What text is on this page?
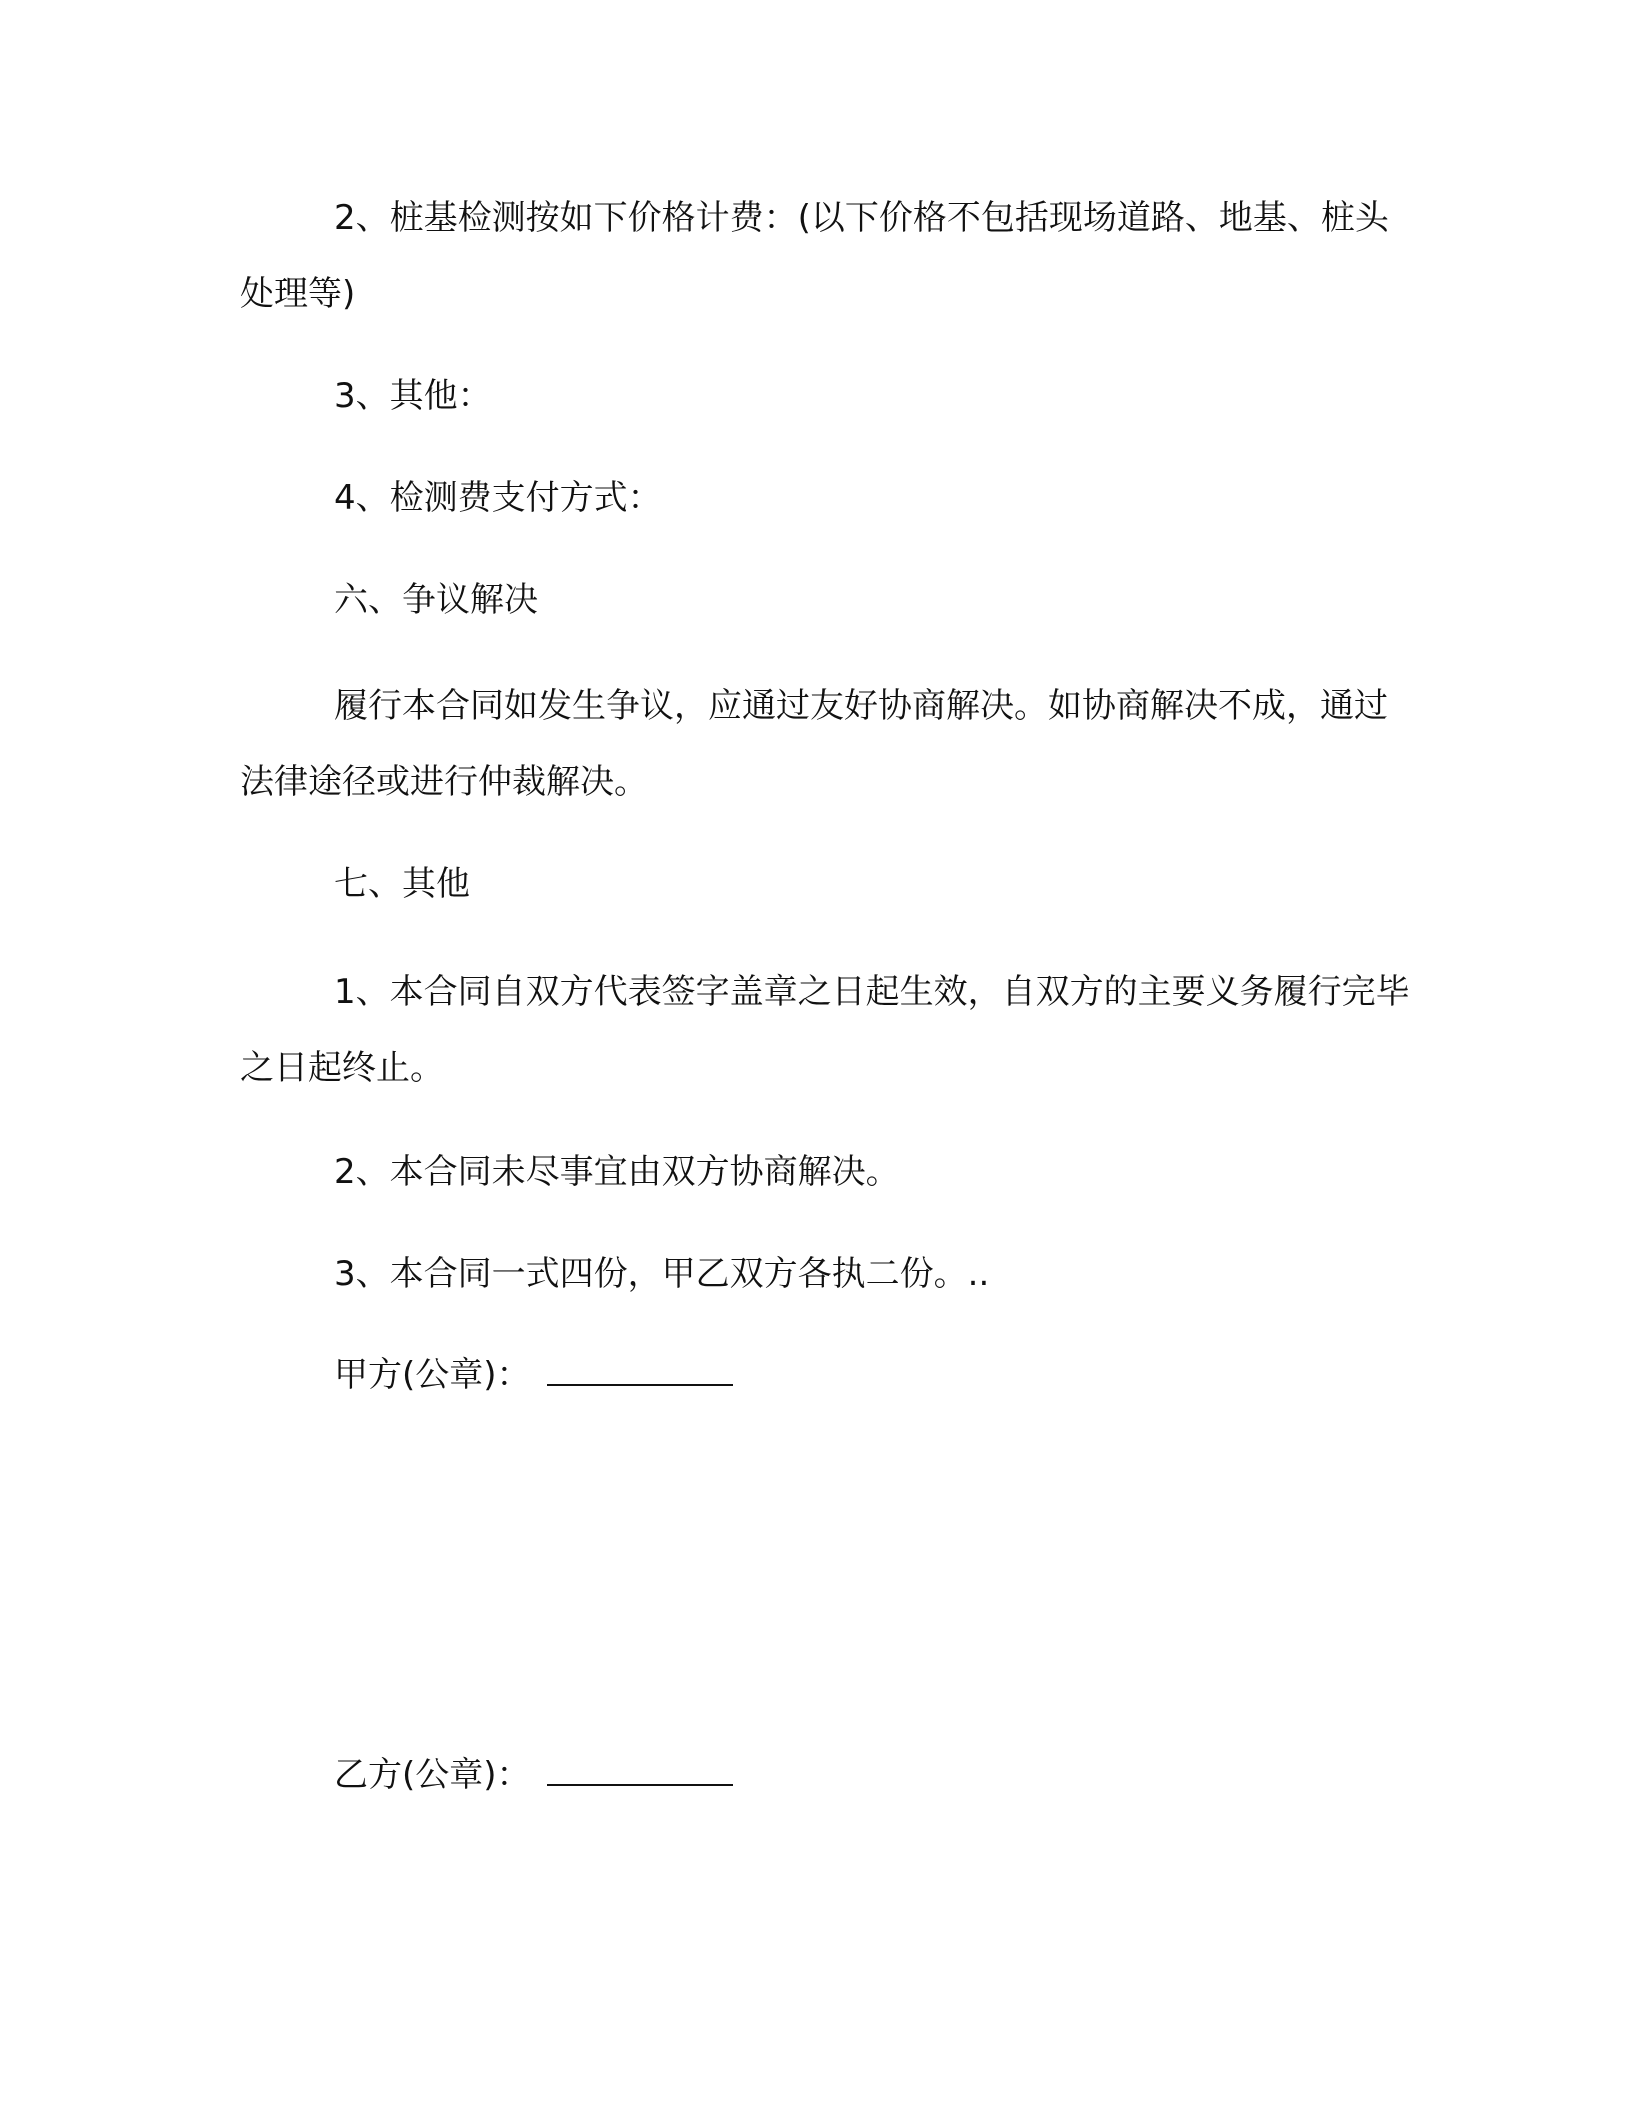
2、桩基检测按如下价格计费：(以下价格不包括现场道路、地基、桩头处理等)

3、其他：

4、检测费支付方式：

六、争议解决

履行本合同如发生争议，应通过友好协商解决。如协商解决不成，通过法律途径或进行仲裁解决。

七、其他

1、本合同自双方代表签字盖章之日起生效，自双方的主要义务履行完毕之日起终止。

2、本合同未尽事宜由双方协商解决。

3、本合同一式四份，甲乙双方各执二份。..

甲方(公章)：
乙方(公章)：
